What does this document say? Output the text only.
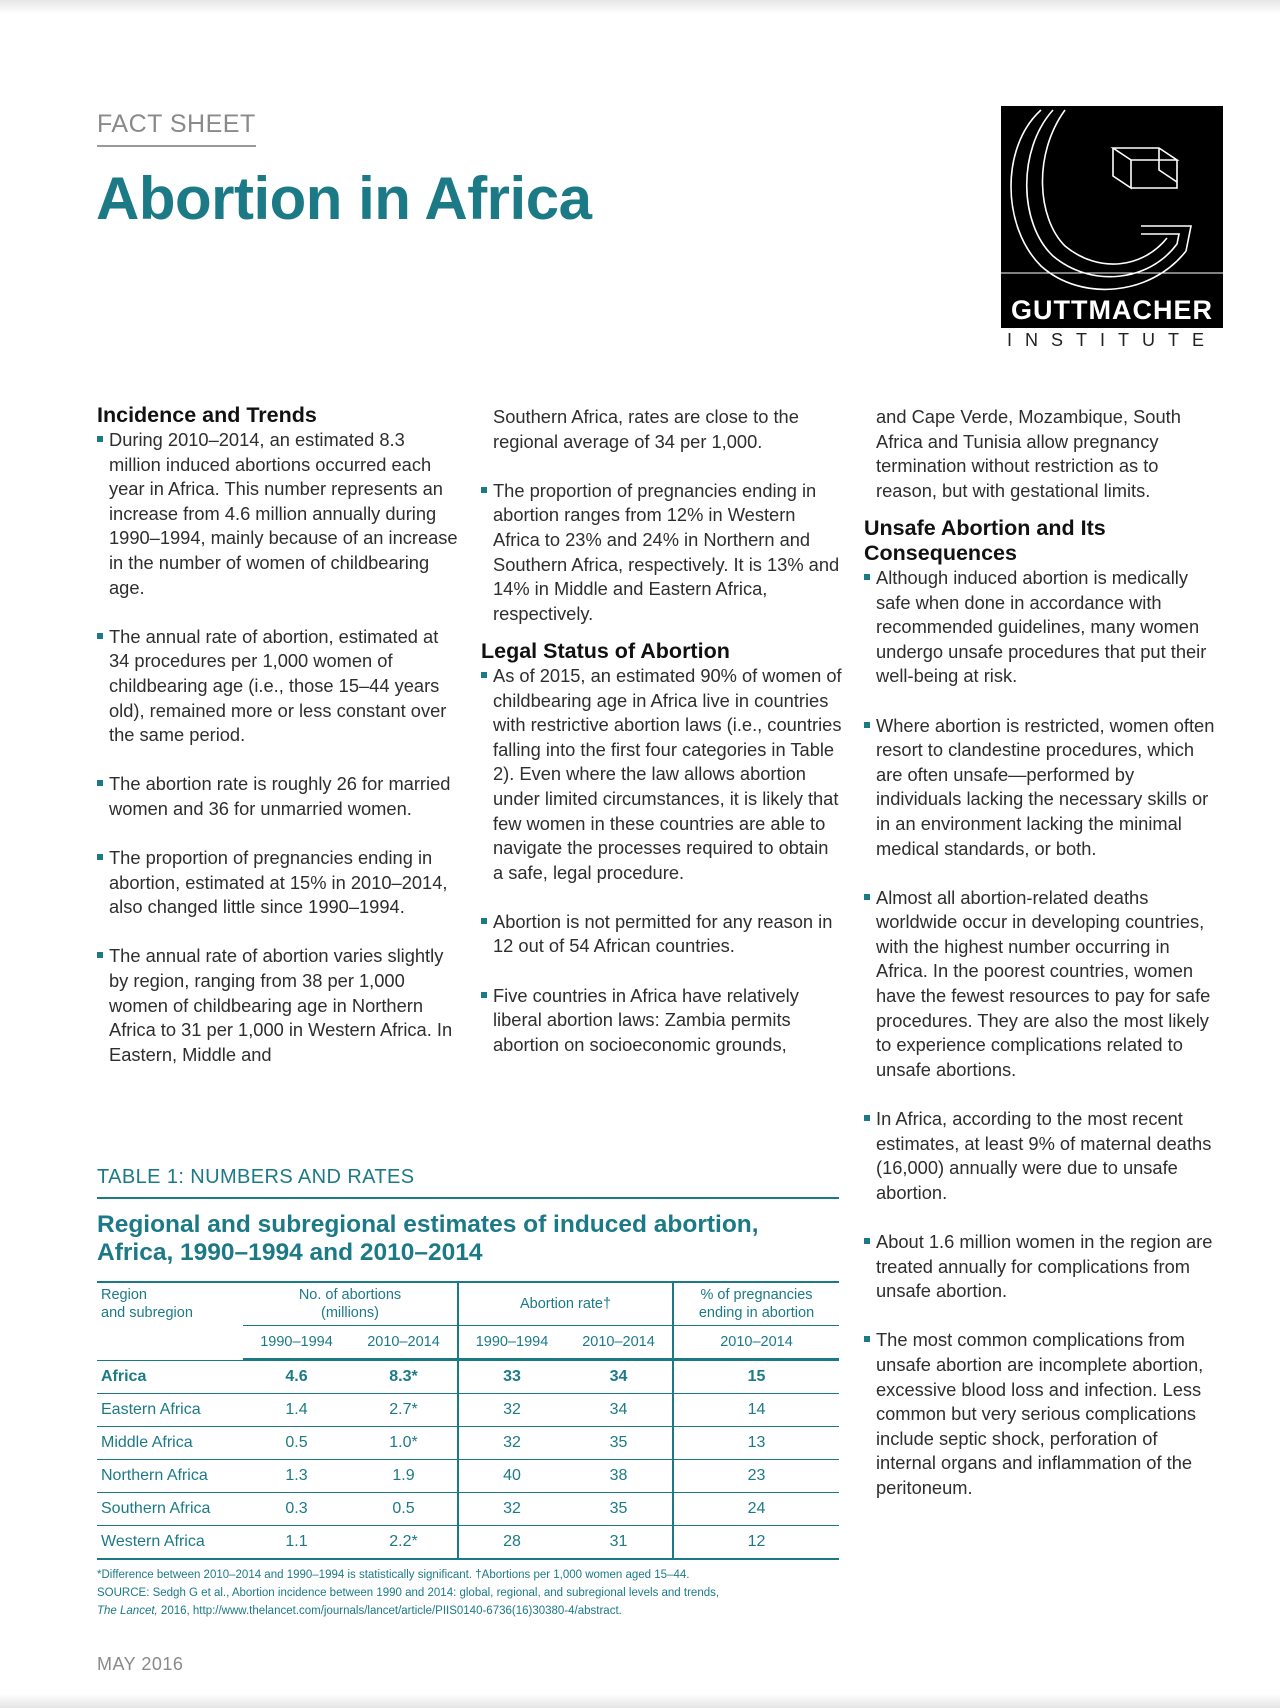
FACT SHEET
Abortion in Africa
GUTTMACHER
INSTITUTE
Incidence and Trends

During 2010–2014, an estimated 8.3 million induced abortions occurred each year in Africa. This number represents an increase from 4.6 million annually during 1990–1994, mainly because of an increase in the number of women of childbearing age.

The annual rate of abortion, estimated at 34 procedures per 1,000 women of childbearing age (i.e., those 15–44 years old), remained more or less constant over the same period.

The abortion rate is roughly 26 for married women and 36 for unmarried women.

The proportion of pregnancies ending in abortion, estimated at 15% in 2010–2014, also changed little since 1990–1994.

The annual rate of abortion varies slightly by region, ranging from 38 per 1,000 women of childbearing age in Northern Africa to 31 per 1,000 in Western Africa. In Eastern, Middle and

Southern Africa, rates are close to the regional average of 34 per 1,000.

The proportion of pregnancies ending in abortion ranges from 12% in Western Africa to 23% and 24% in Northern and Southern Africa, respectively. It is 13% and 14% in Middle and Eastern Africa, respectively.

Legal Status of Abortion

As of 2015, an estimated 90% of women of childbearing age in Africa live in countries with restrictive abortion laws (i.e., countries falling into the first four categories in Table 2). Even where the law allows abortion under limited circumstances, it is likely that few women in these countries are able to navigate the processes required to obtain a safe, legal procedure.

Abortion is not permitted for any reason in 12 out of 54 African countries.

Five countries in Africa have relatively liberal abortion laws: Zambia permits abortion on socioeconomic grounds,

and Cape Verde, Mozambique, South Africa and Tunisia allow pregnancy termination without restriction as to reason, but with gestational limits.

Unsafe Abortion and Its
Consequences

Although induced abortion is medically safe when done in accordance with recommended guidelines, many women undergo unsafe procedures that put their well-being at risk.

Where abortion is restricted, women often resort to clandestine procedures, which are often unsafe—performed by individuals lacking the necessary skills or in an environment lacking the minimal medical standards, or both.

Almost all abortion-related deaths worldwide occur in developing countries, with the highest number occurring in Africa. In the poorest countries, women have the fewest resources to pay for safe procedures. They are also the most likely to experience complications related to unsafe abortions.

In Africa, according to the most recent estimates, at least 9% of maternal deaths (16,000) annually were due to unsafe abortion.

About 1.6 million women in the region are treated annually for complications from unsafe abortion.

The most common complications from unsafe abortion are incomplete abortion, excessive blood loss and infection. Less common but very serious complications include septic shock, perforation of internal organs and inflammation of the peritoneum.

TABLE 1: NUMBERS AND RATES
Regional and subregional estimates of induced abortion,
Africa, 1990–1994 and 2010–2014
Region
and subregion	No. of abortions
(millions)		Abortion rate†		% of pregnancies
ending in abortion
	1990–1994	2010–2014	1990–1994	2010–2014	2010–2014

Africa	4.6	8.3*	33	34	15
Eastern Africa	1.4	2.7*	32	34	14
Middle Africa	0.5	1.0*	32	35	13
Northern Africa	1.3	1.9	40	38	23
Southern Africa	0.3	0.5	32	35	24
Western Africa	1.1	2.2*	28	31	12
*Difference between 2010–2014 and 1990–1994 is statistically significant. †Abortions per 1,000 women aged 15–44.
SOURCE: Sedgh G et al., Abortion incidence between 1990 and 2014: global, regional, and subregional levels and trends,
The Lancet, 2016, http://www.thelancet.com/journals/lancet/article/PIIS0140-6736(16)30380-4/abstract.
MAY 2016
